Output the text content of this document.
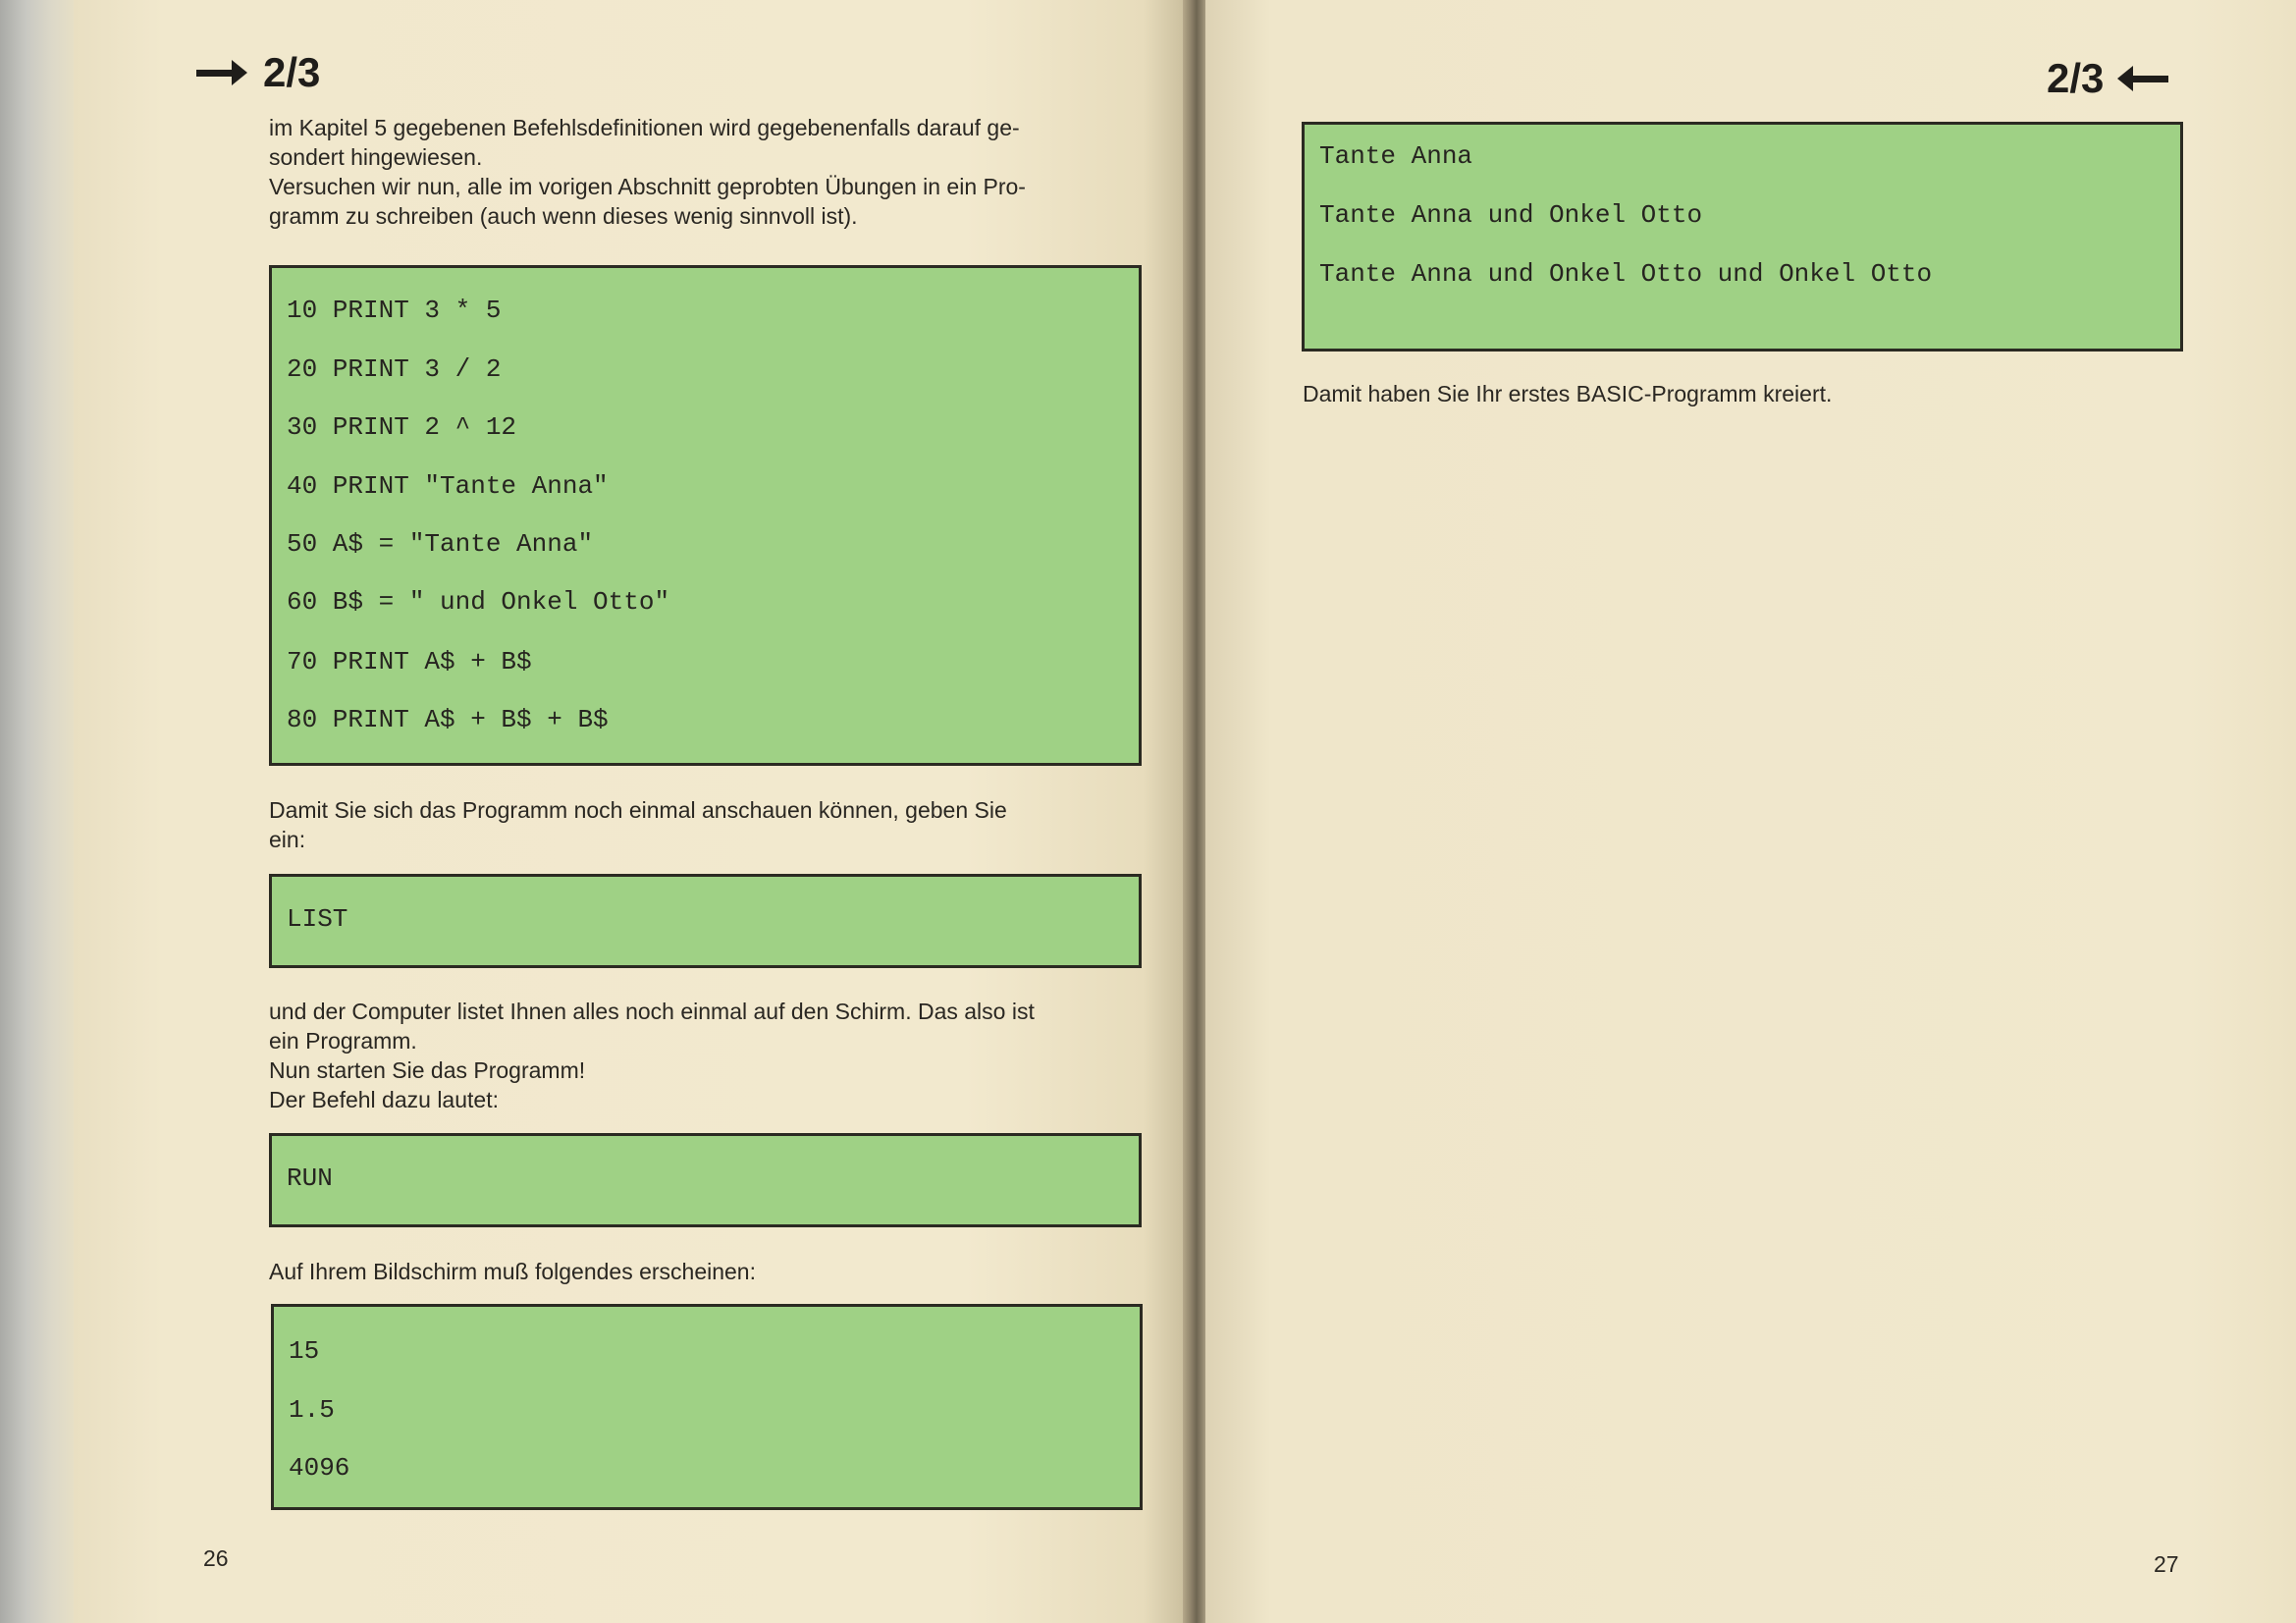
2/3

im Kapitel 5 gegebenen Befehlsdefinitionen wird gegebenenfalls darauf ge-

sondert hingewiesen.

Versuchen wir nun, alle im vorigen Abschnitt geprobten Übungen in ein Pro-

gramm zu schreiben (auch wenn dieses wenig sinnvoll ist).

10 PRINT 3 * 5
20 PRINT 3 / 2
30 PRINT 2 ^ 12
40 PRINT "Tante Anna"
50 A$ = "Tante Anna"
60 B$ = " und Onkel Otto"
70 PRINT A$ + B$
80 PRINT A$ + B$ + B$

Damit Sie sich das Programm noch einmal anschauen können, geben Sie

ein:

LIST

und der Computer listet Ihnen alles noch einmal auf den Schirm. Das also ist

ein Programm.

Nun starten Sie das Programm!

Der Befehl dazu lautet:

RUN

Auf Ihrem Bildschirm muß folgendes erscheinen:

15
1.5
4096
26
2/3
Tante Anna
Tante Anna und Onkel Otto
Tante Anna und Onkel Otto und Onkel Otto

Damit haben Sie Ihr erstes BASIC-Programm kreiert.

27
